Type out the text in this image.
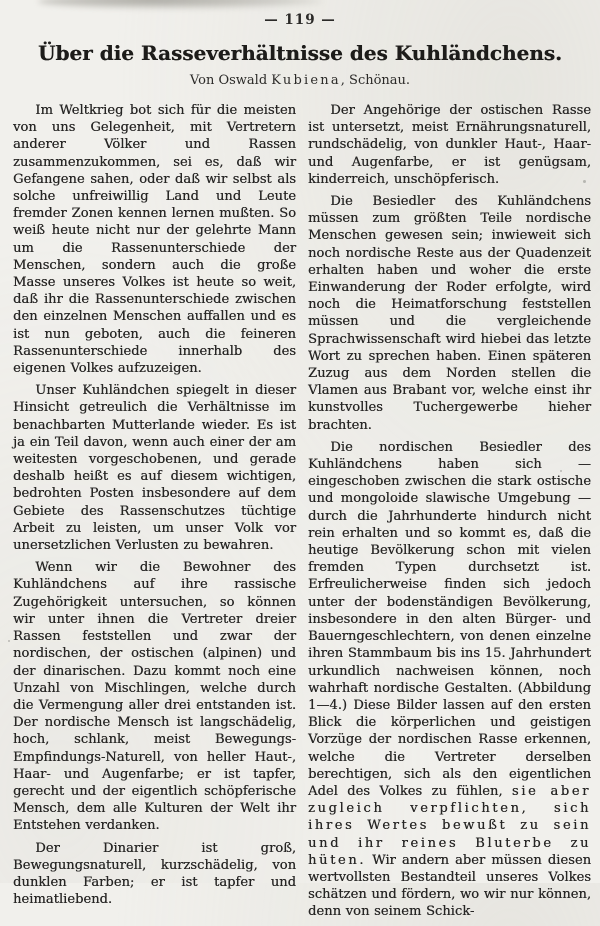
— 119 —
Über die Rasseverhältnisse des Kuhländchens.
Von Oswald Kubiena, Schönau.

Im Weltkrieg bot sich für die meisten von uns Gelegenheit, mit Vertretern anderer Völker und Rassen zusammenzukommen, sei es, daß wir Gefangene sahen, oder daß wir selbst als solche unfreiwillig Land und Leute fremder Zonen kennen lernen mußten. So weiß heute nicht nur der gelehrte Mann um die Rassenunterschiede der Menschen, sondern auch die große Masse unseres Volkes ist heute so weit, daß ihr die Rassenunterschiede zwischen den einzelnen Menschen auffallen und es ist nun geboten, auch die feineren Rassenunterschiede innerhalb des eigenen Volkes aufzuzeigen.

Unser Kuhländchen spiegelt in dieser Hinsicht getreulich die Verhältnisse im benachbarten Mutterlande wieder. Es ist ja ein Teil davon, wenn auch einer der am weitesten vorgeschobenen, und gerade deshalb heißt es auf diesem wichtigen, bedrohten Posten insbesondere auf dem Gebiete des Rassenschutzes tüchtige Arbeit zu leisten, um unser Volk vor unersetzlichen Verlusten zu bewahren.

Wenn wir die Bewohner des Kuhländchens auf ihre rassische Zugehörigkeit untersuchen, so können wir unter ihnen die Vertreter dreier Rassen feststellen und zwar der nordischen, der ostischen (alpinen) und der dinarischen. Dazu kommt noch eine Unzahl von Mischlingen, welche durch die Vermengung aller drei entstanden ist. Der nordische Mensch ist langschädelig, hoch, schlank, meist Bewegungs-Empfindungs-Naturell, von heller Haut-, Haar- und Augenfarbe; er ist tapfer, gerecht und der eigentlich schöpferische Mensch, dem alle Kulturen der Welt ihr Entstehen verdanken.

Der Dinarier ist groß, Bewegungsnaturell, kurzschädelig, von dunklen Farben; er ist tapfer und heimatliebend.

Der Angehörige der ostischen Rasse ist untersetzt, meist Ernährungsnaturell, rundschädelig, von dunkler Haut-, Haar- und Augenfarbe, er ist genügsam, kinderreich, unschöpferisch.

Die Besiedler des Kuhländchens müssen zum größten Teile nordische Menschen gewesen sein; inwieweit sich noch nordische Reste aus der Quadenzeit erhalten haben und woher die erste Einwanderung der Roder erfolgte, wird noch die Heimatforschung feststellen müssen und die vergleichende Sprachwissenschaft wird hiebei das letzte Wort zu sprechen haben. Einen späteren Zuzug aus dem Norden stellen die Vlamen aus Brabant vor, welche einst ihr kunstvolles Tuchergewerbe hieher brachten.

Die nordischen Besiedler des Kuhländchens haben sich — eingeschoben zwischen die stark ostische und mongoloide slawische Umgebung — durch die Jahrhunderte hindurch nicht rein erhalten und so kommt es, daß die heutige Bevölkerung schon mit vielen fremden Typen durchsetzt ist. Erfreulicherweise finden sich jedoch unter der bodenständigen Bevölkerung, insbesondere in den alten Bürger- und Bauerngeschlechtern, von denen einzelne ihren Stammbaum bis ins 15. Jahrhundert urkundlich nachweisen können, noch wahrhaft nordische Gestalten. (Abbildung 1—4.) Diese Bilder lassen auf den ersten Blick die körperlichen und geistigen Vorzüge der nordischen Rasse erkennen, welche die Vertreter derselben berechtigen, sich als den eigentlichen Adel des Volkes zu fühlen, sie aber zugleich verpflichten, sich ihres Wertes bewußt zu sein und ihr reines Bluterbe zu hüten. Wir andern aber müssen diesen wertvollsten Bestandteil unseres Volkes schätzen und fördern, wo wir nur können, denn von seinem Schick-
